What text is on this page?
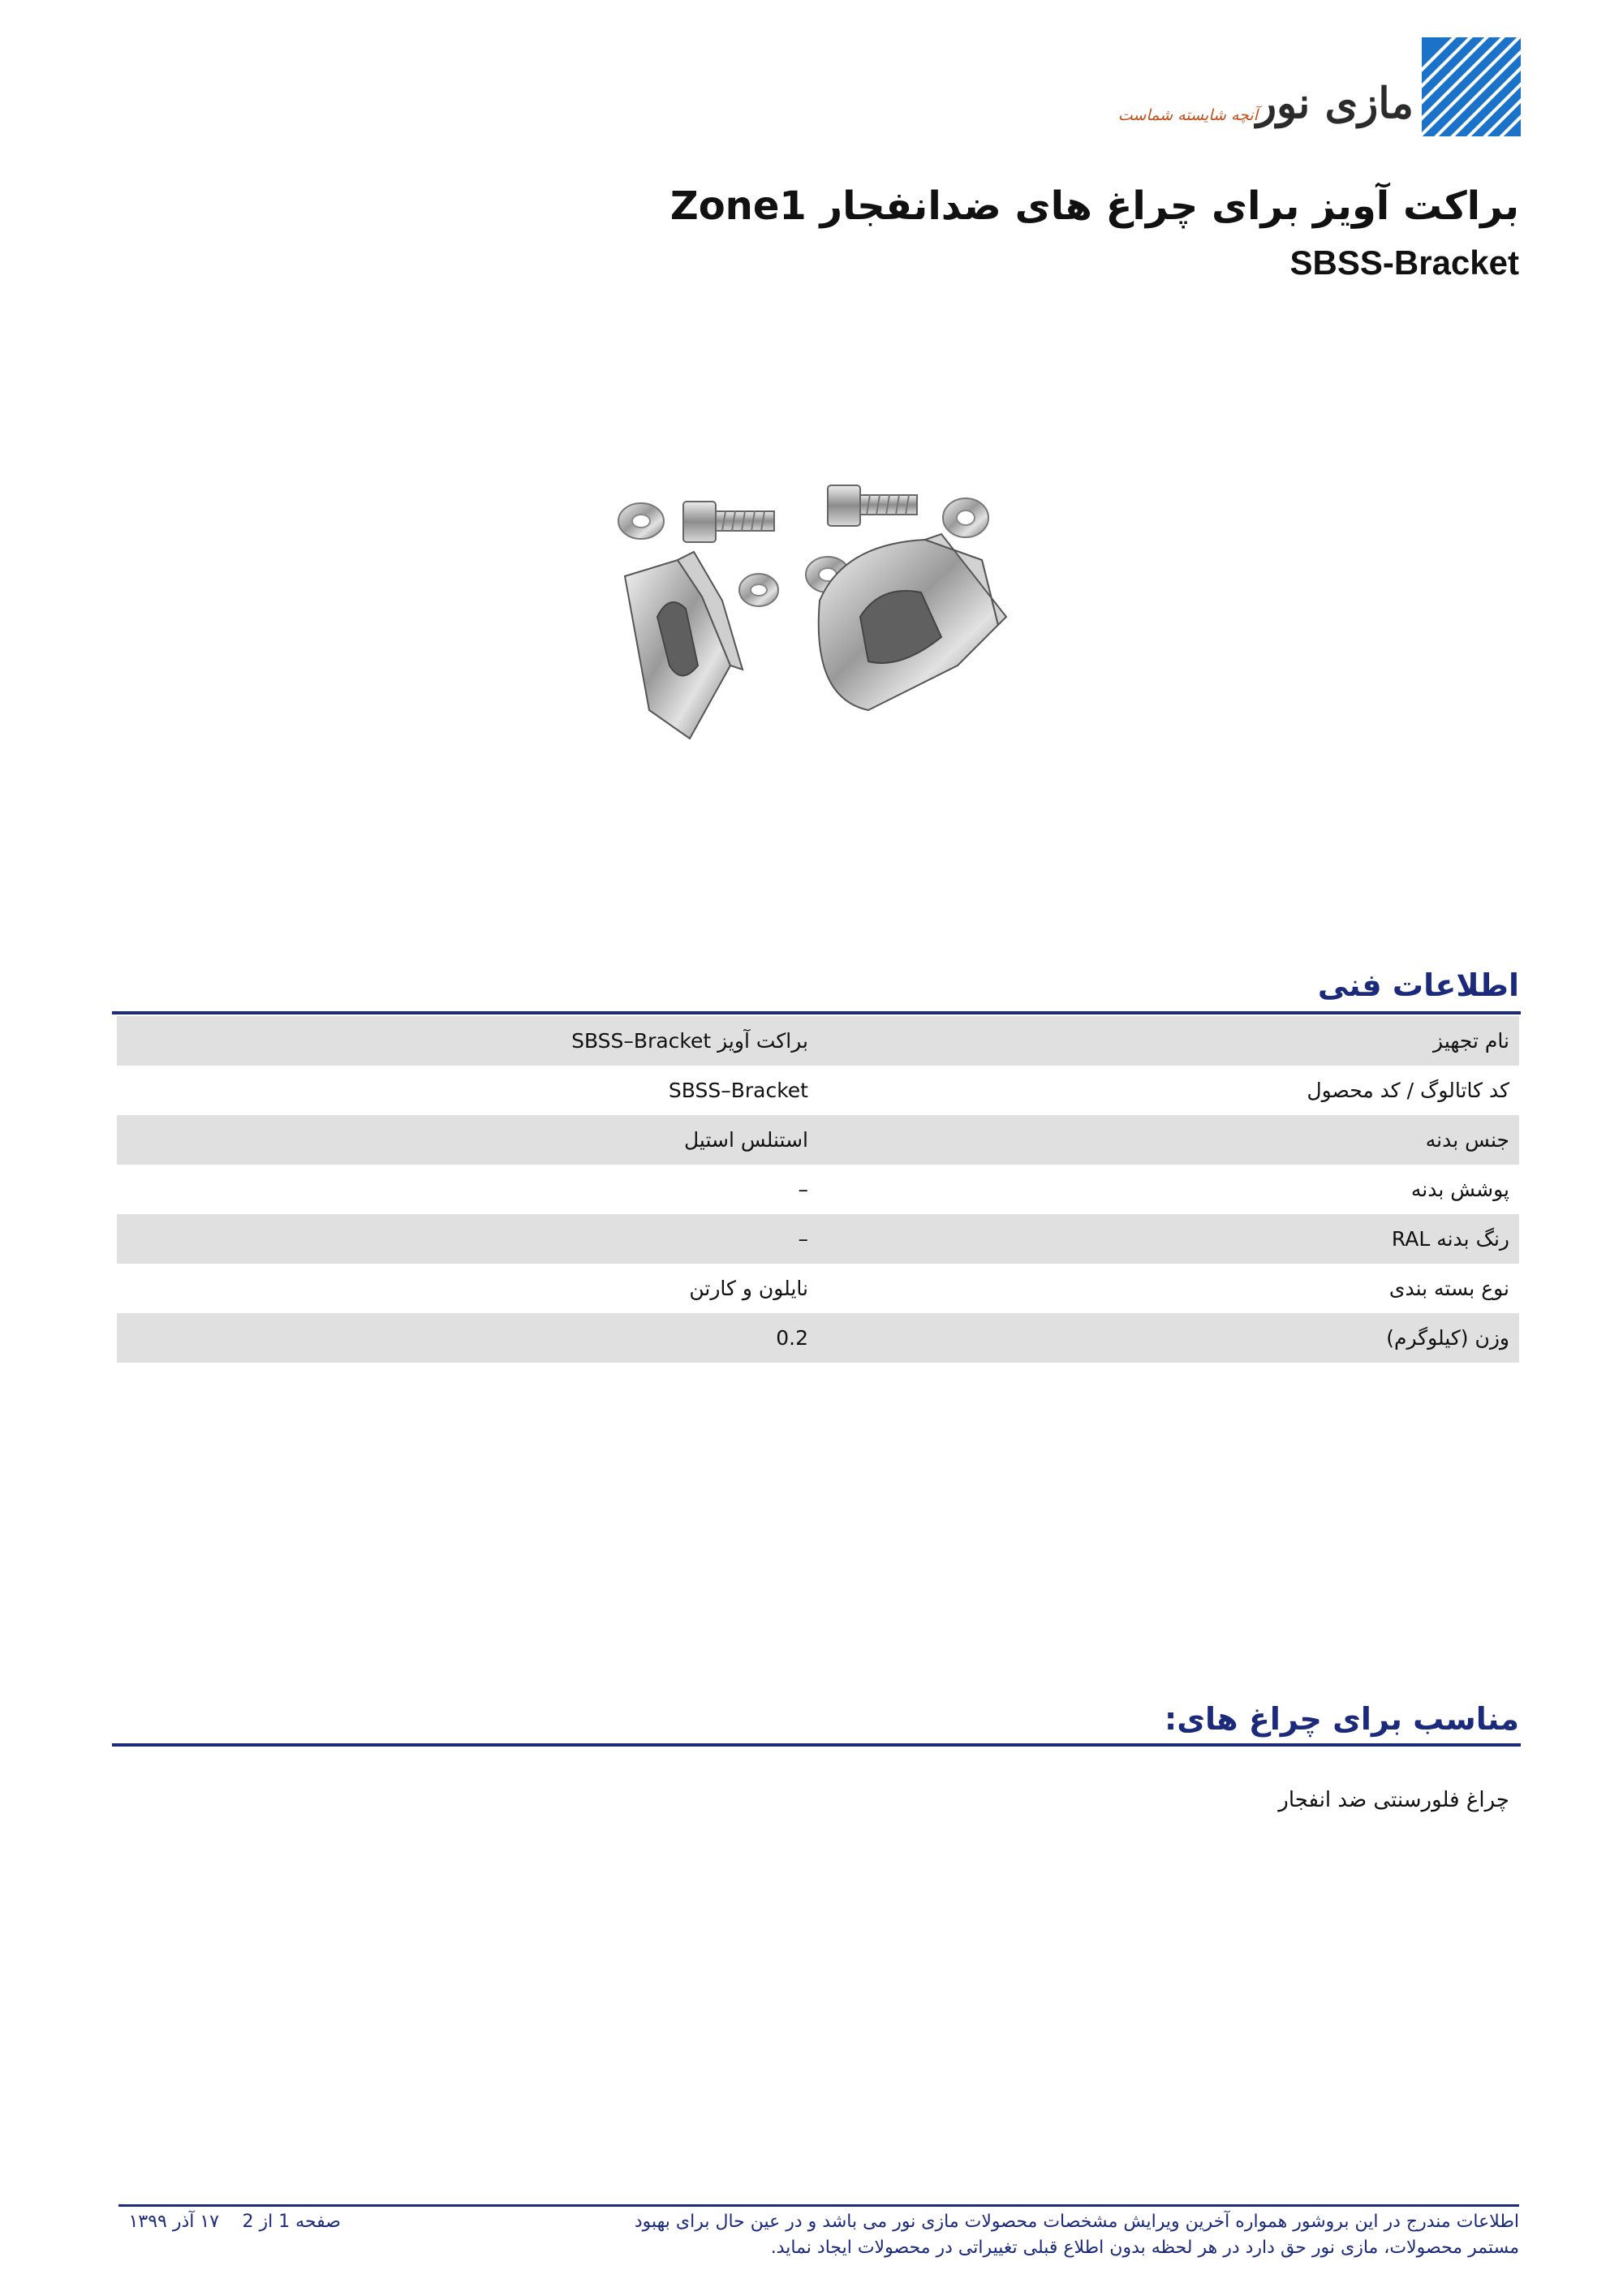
مازی نور
آنچه شایسته شماست
براکت آویز برای چراغ های ضدانفجار Zone1
SBSS-Bracket
اطلاعات فنی
نام تجهیز
براکت آویز SBSS–Bracket
کد کاتالوگ / کد محصول
SBSS–Bracket
جنس بدنه
استنلس استیل
پوشش بدنه
–
رنگ بدنه RAL
–
نوع بسته بندی
نایلون و کارتن
وزن (کیلوگرم)
0.2
مناسب برای چراغ های:
چراغ فلورسنتی ضد انفجار
اطلاعات مندرج در این بروشور همواره آخرین ویرایش مشخصات محصولات مازی نور می باشد و در عین حال برای بهبود مستمر محصولات، مازی نور حق دارد در هر لحظه بدون اطلاع قبلی تغییراتی در محصولات ایجاد نماید.
صفحه 1 از 2
۱۷ آذر ۱۳۹۹
